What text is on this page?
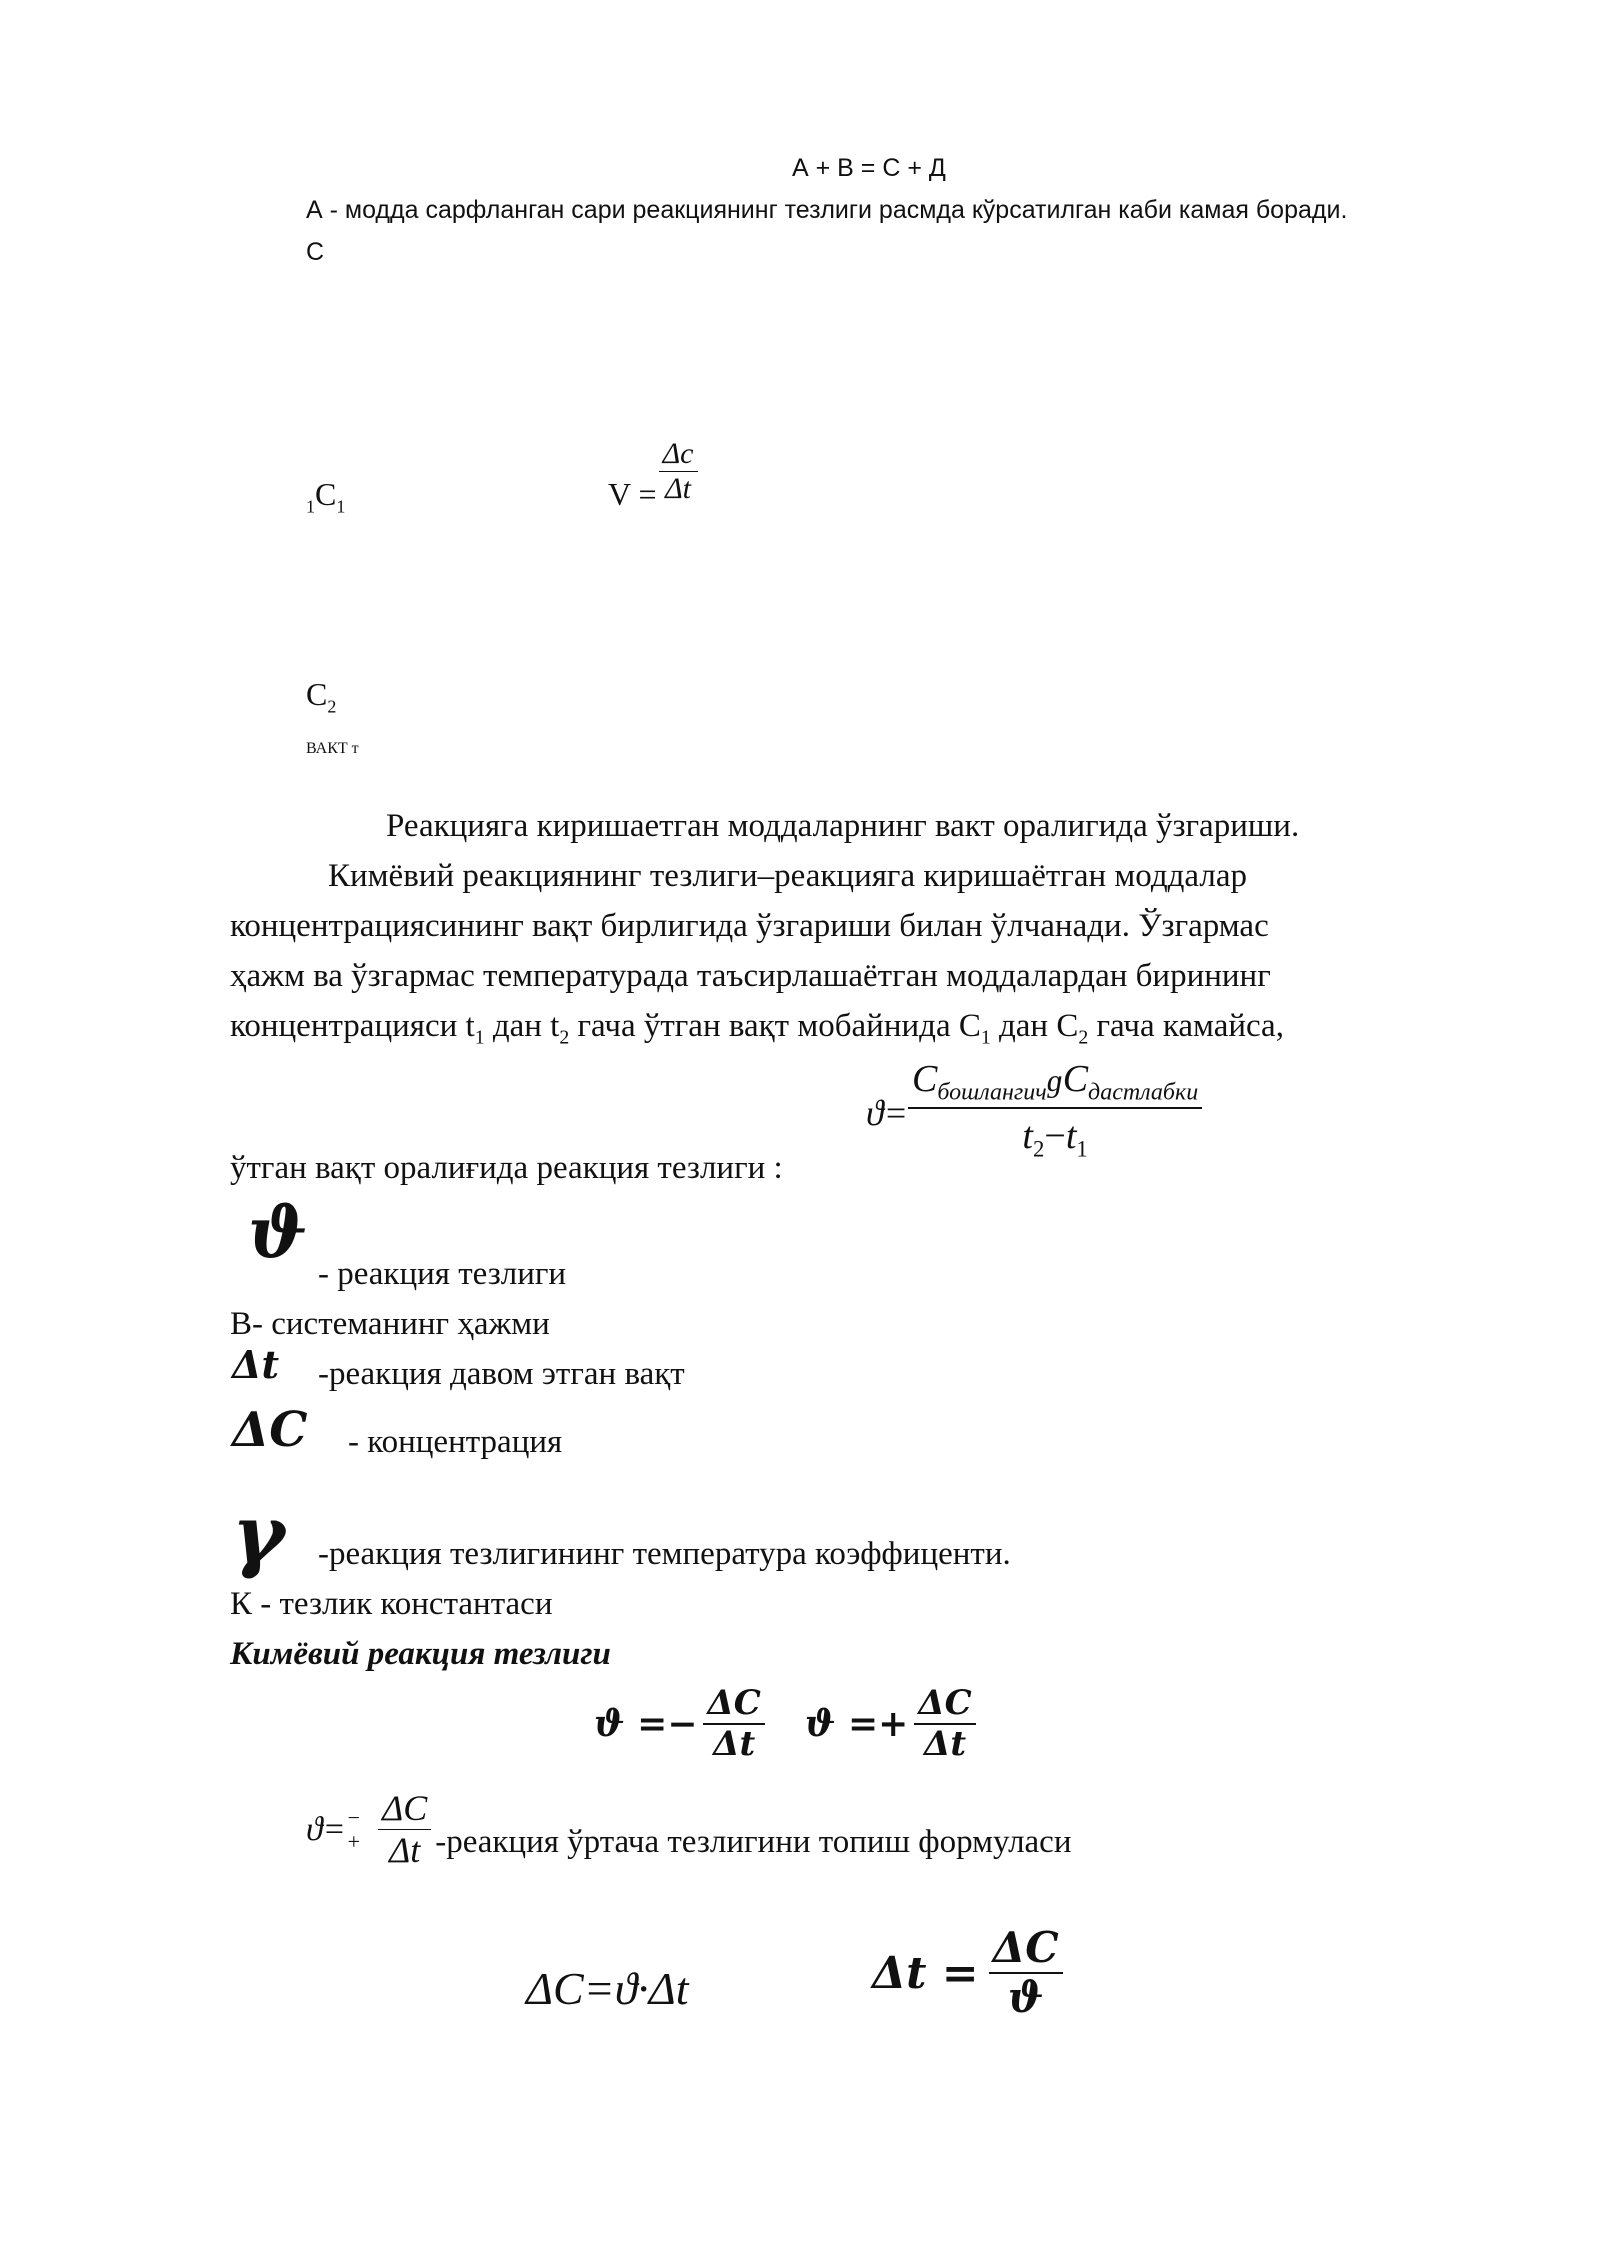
А + В = С + Д
А - модда сарфланган сари реакциянинг тезлиги расмда кўрсатилган каби камая боради.
С
$_1С_1$	$V = \frac{\Delta c}{\Delta t}$
$С_2$
ВАКТ т
Реакцияга киришаетган моддаларнинг вакт оралигида ўзгариши.
Кимёвий реакциянинг тезлиги–реакцияга киришаётган моддалар
концентрациясининг вақт бирлигида ўзгариши билан ўлчанади. Ўзгармас
ҳажм ва ўзгармас температурада таъсирлашаётган моддалардан бирининг
концентрацияси $t_1$ дан $t_2$ гача ўтган вақт мобайнида $С_1$ дан $С_2$ гача камайса,
$ϑ= \frac{С_{бошлангич}ɡС_{дастлабки}}{t_2-t_1}$
ўтган вақт оралиғида реакция тезлиги :
ϑ - реакция тезлиги
В- системанинг ҳажми
Δt -реакция давом этган вақт
ΔC - концентрация
γ -реакция тезлигининг температура коэффиценти.
К - тезлик константаси
Кимёвий реакция тезлиги
$ϑ =- \frac{\Delta C}{\Delta t}$ $ϑ =+ \frac{\Delta C}{\Delta t}$
ϑ= −
+ $\frac{\Delta C}{\Delta t}$ -реакция ўртача тезлигини топиш формуласи
ΔC=ϑ·Δt	$\Delta t = \frac{\Delta C}{ϑ}$
